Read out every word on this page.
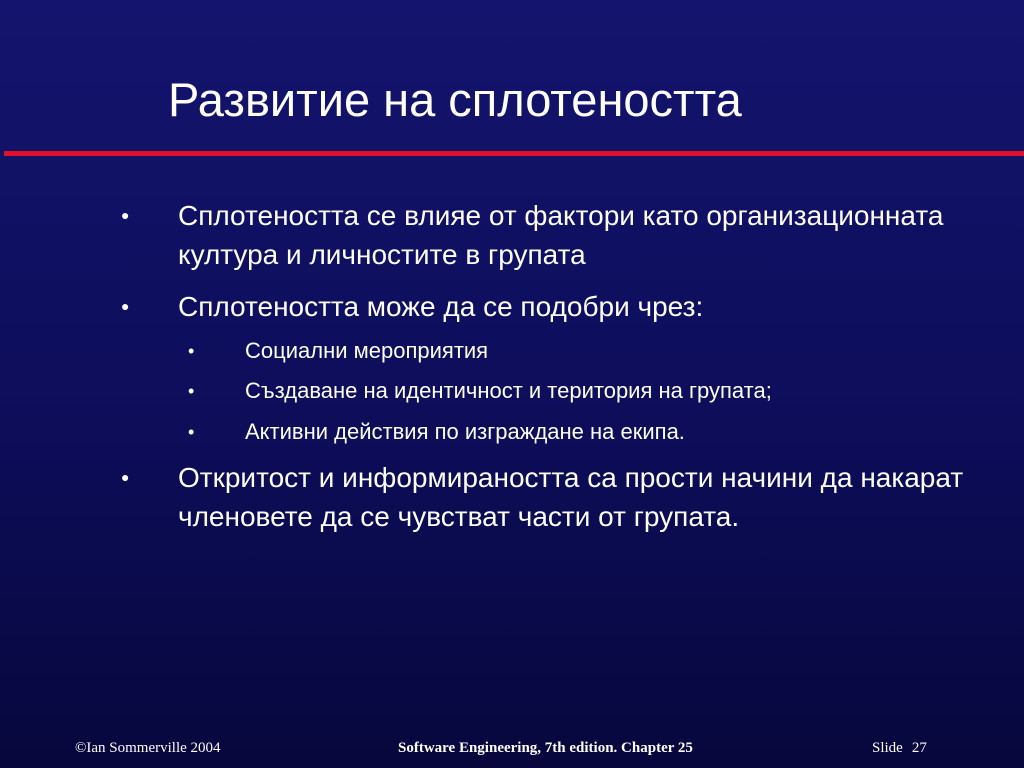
Развитие на сплотеността
● Сплотеността се влияе от фактори като организационната култура и личностите в групата
● Сплотеността може да се подобри чрез:
• Социални мероприятия
• Създаване на идентичност и територия на групата;
• Активни действия по изграждане на екипа.
● Откритост и информираността са прости начини да накарат членовете да се чувстват части от групата.
©Ian Sommerville 2004	Software Engineering, 7th edition. Chapter 25	Slide 27
